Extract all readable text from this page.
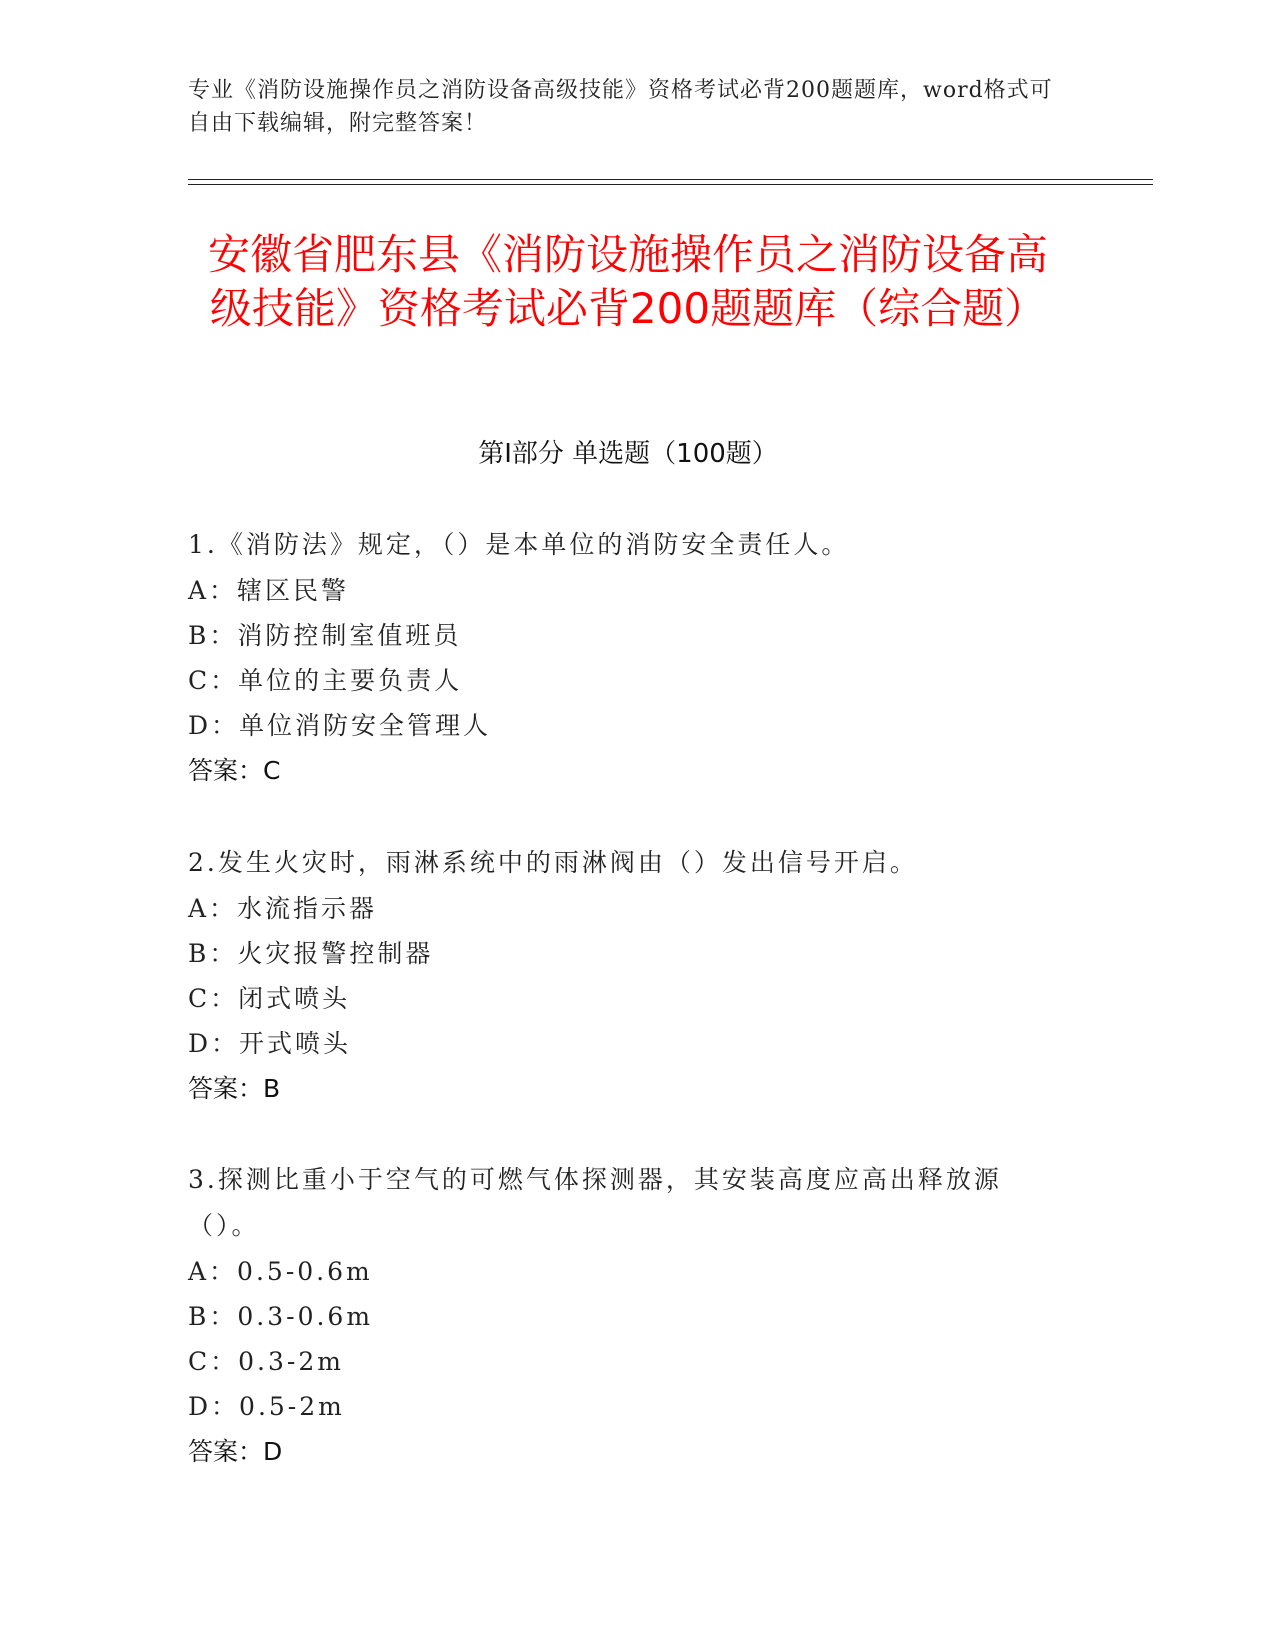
专业《消防设施操作员之消防设备高级技能》资格考试必背200题题库，word格式可自由下载编辑，附完整答案！
安徽省肥东县《消防设施操作员之消防设备高级技能》资格考试必背200题题库（综合题）
第I部分 单选题（100题）
1.《消防法》规定，（）是本单位的消防安全责任人。
A：辖区民警
B：消防控制室值班员
C：单位的主要负责人
D：单位消防安全管理人
答案：C
2.发生火灾时，雨淋系统中的雨淋阀由（）发出信号开启。
A：水流指示器
B：火灾报警控制器
C：闭式喷头
D：开式喷头
答案：B
3.探测比重小于空气的可燃气体探测器，其安装高度应高出释放源（）。
A：0.5-0.6m
B：0.3-0.6m
C：0.3-2m
D：0.5-2m
答案：D
